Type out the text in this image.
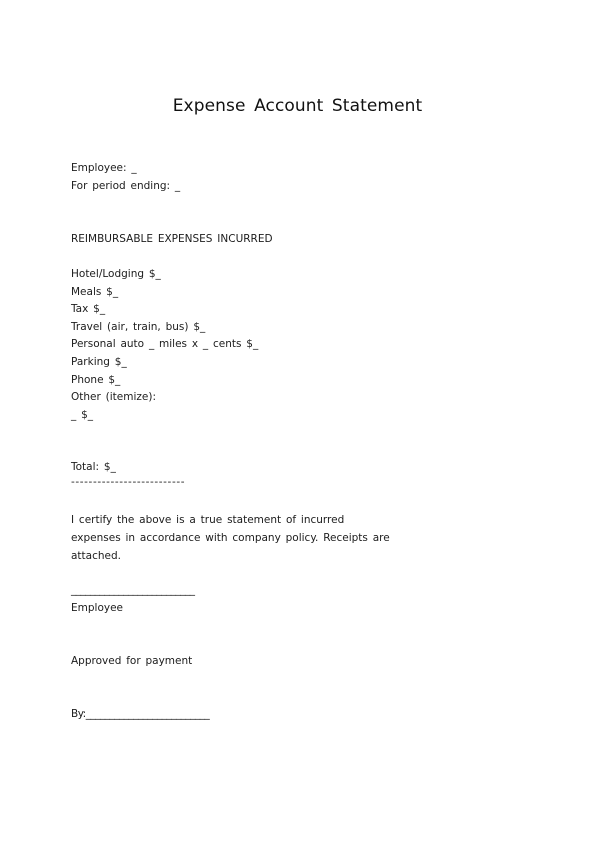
Expense Account Statement
Employee: _
For period ending: _
REIMBURSABLE EXPENSES INCURRED
Hotel/Lodging $_
Meals $_
Tax $_
Travel (air, train, bus) $_
Personal auto _ miles x _ cents $_
Parking $_
Phone $_
Other (itemize):
_ $_
Total: $_
--------------------------
I certify the above is a true statement of incurred
expenses in accordance with company policy. Receipts are
attached.
__________________________
Employee
Approved for payment
By:__________________________
